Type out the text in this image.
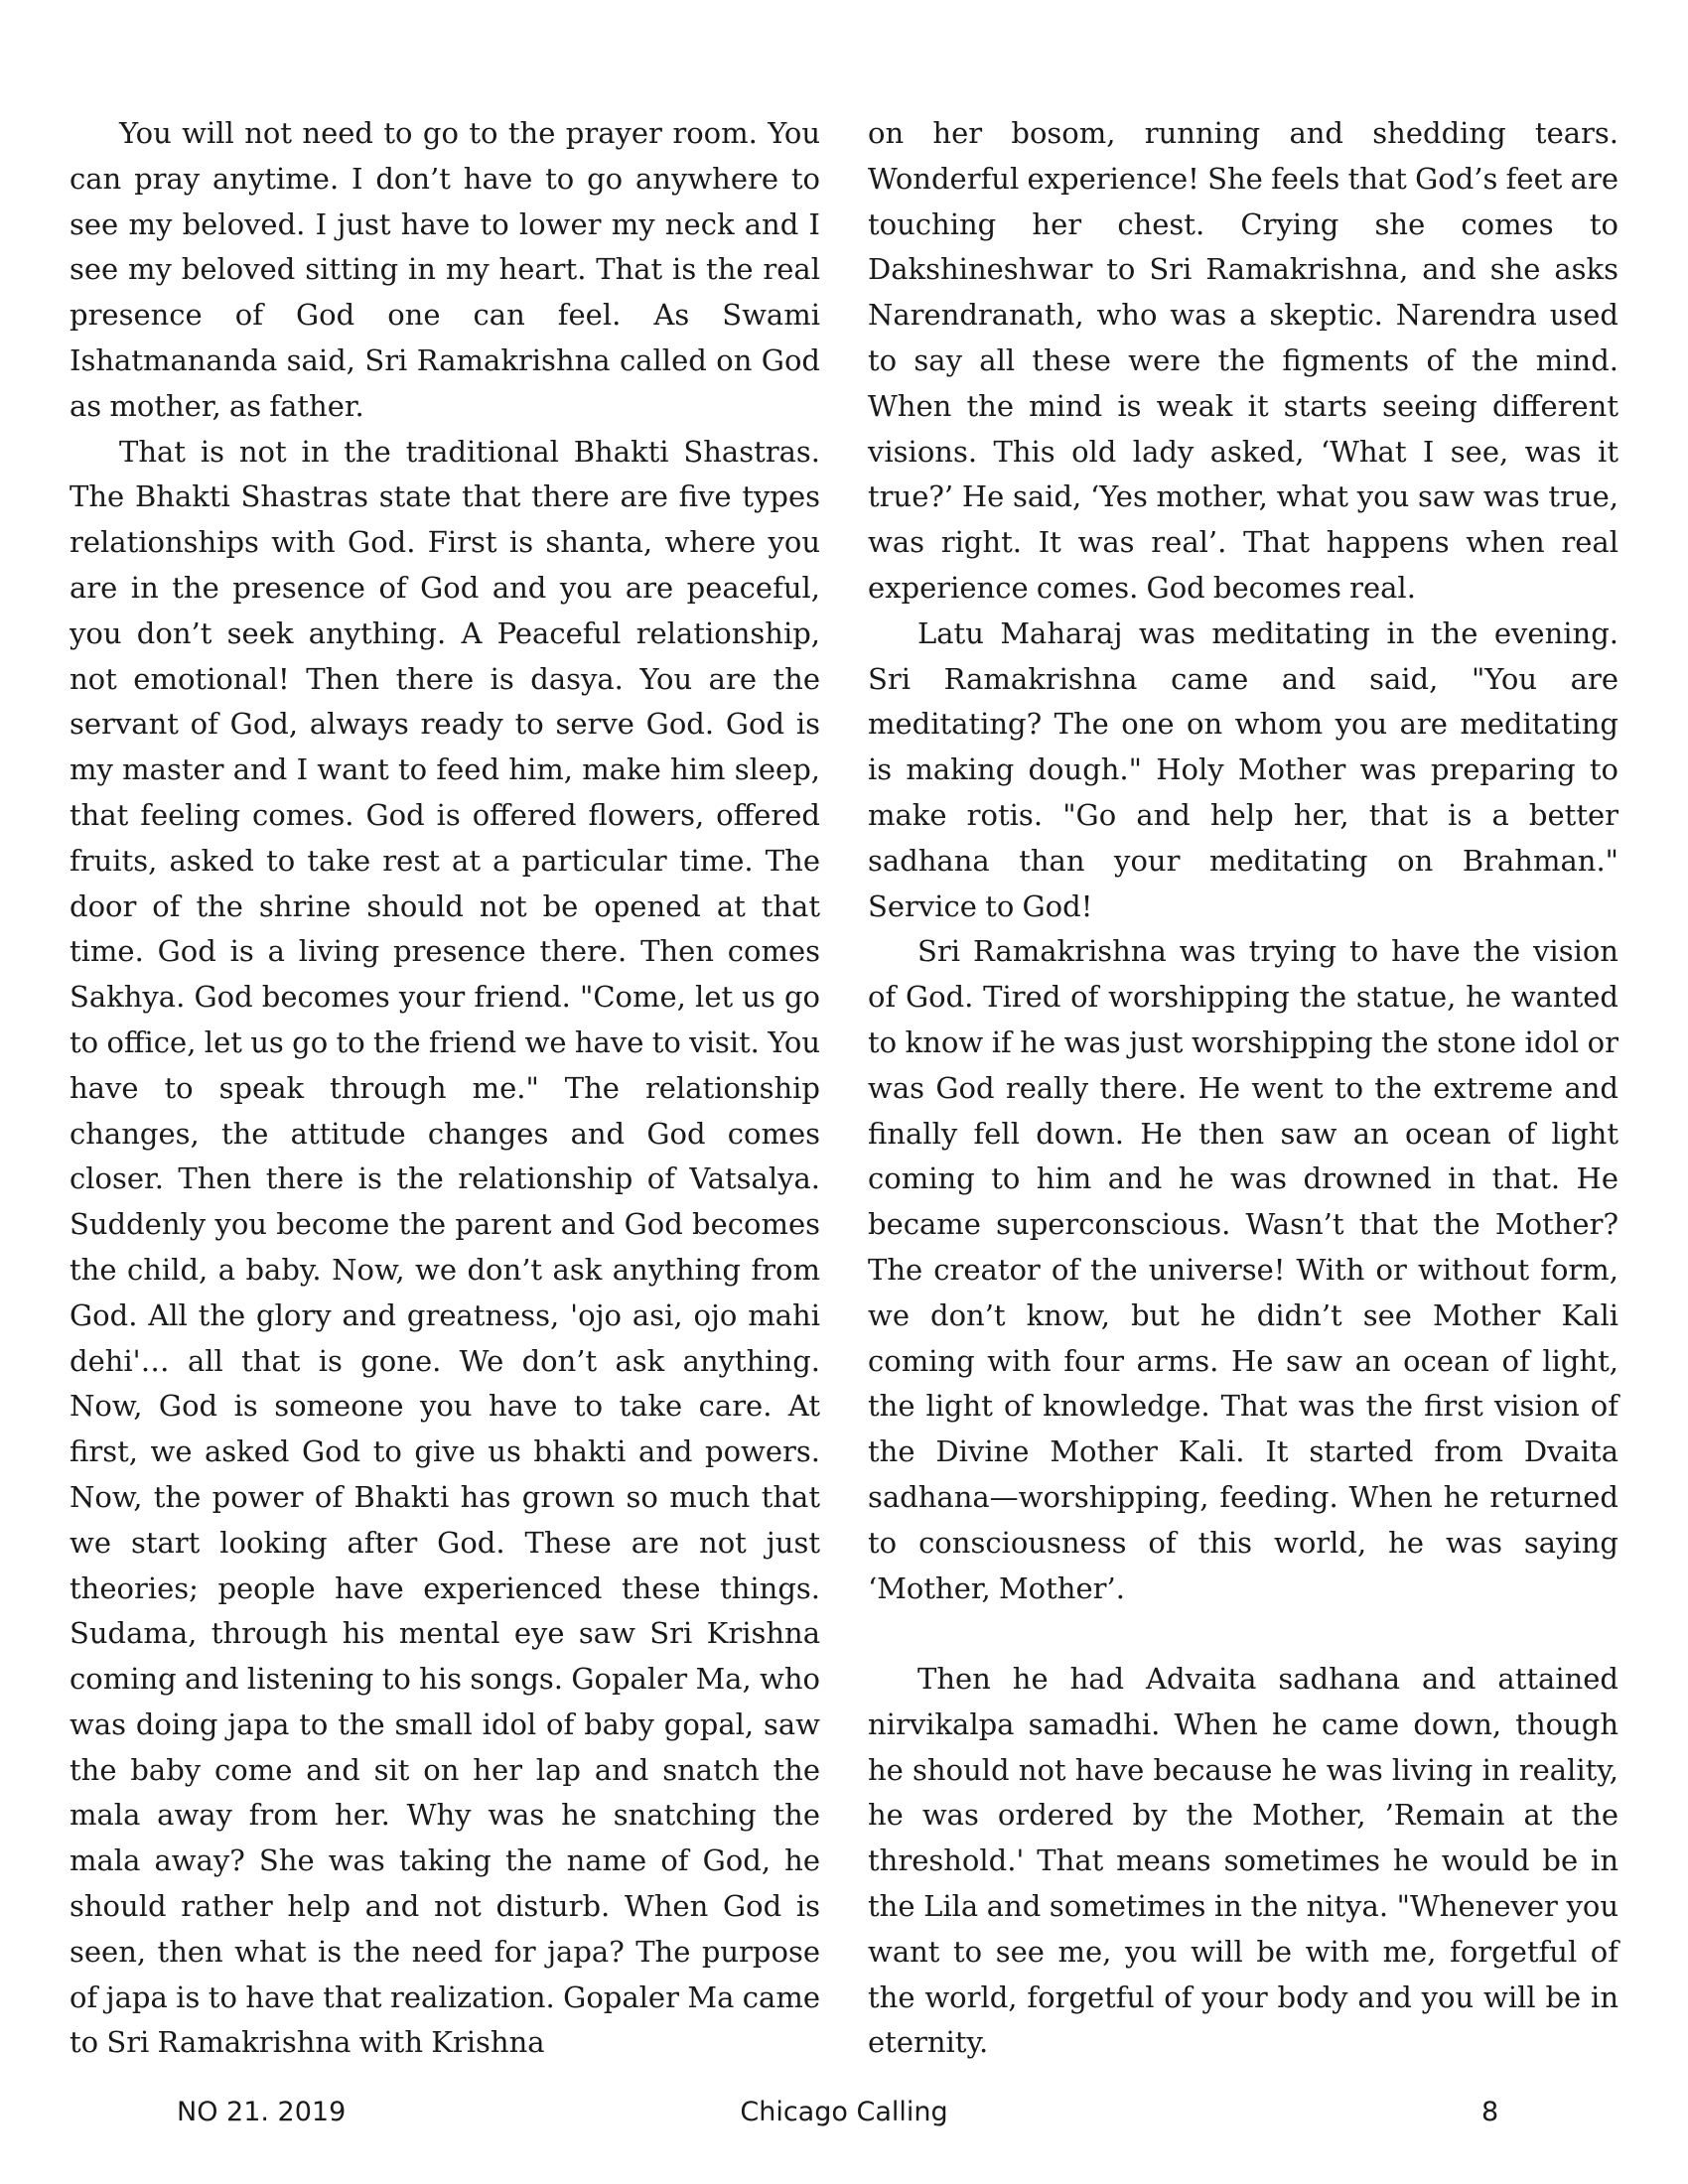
You will not need to go to the prayer room. You can pray anytime. I don’t have to go anywhere to see my beloved. I just have to lower my neck and I see my beloved sitting in my heart. That is the real presence of God one can feel. As Swami Ishatmananda said, Sri Ramakrishna called on God as mother, as father.

That is not in the traditional Bhakti Shastras. The Bhakti Shastras state that there are five types relationships with God. First is shanta, where you are in the presence of God and you are peaceful, you don’t seek anything. A Peaceful relationship, not emotional! Then there is dasya. You are the servant of God, always ready to serve God. God is my master and I want to feed him, make him sleep, that feeling comes. God is offered flowers, offered fruits, asked to take rest at a particular time. The door of the shrine should not be opened at that time. God is a living presence there. Then comes Sakhya. God becomes your friend. "Come, let us go to office, let us go to the friend we have to visit. You have to speak through me." The relationship changes, the attitude changes and God comes closer. Then there is the relationship of Vatsalya. Suddenly you become the parent and God becomes the child, a baby. Now, we don’t ask anything from God. All the glory and greatness, 'ojo asi, ojo mahi dehi'… all that is gone. We don’t ask anything. Now, God is someone you have to take care. At first, we asked God to give us bhakti and powers. Now, the power of Bhakti has grown so much that we start looking after God. These are not just theories; people have experienced these things. Sudama, through his mental eye saw Sri Krishna coming and listening to his songs. Gopaler Ma, who was doing japa to the small idol of baby gopal, saw the baby come and sit on her lap and snatch the mala away from her. Why was he snatching the mala away? She was taking the name of God, he should rather help and not disturb. When God is seen, then what is the need for japa? The purpose of japa is to have that realization. Gopaler Ma came to Sri Ramakrishna with Krishna

on her bosom, running and shedding tears. Wonderful experience! She feels that God’s feet are touching her chest. Crying she comes to Dakshineshwar to Sri Ramakrishna, and she asks Narendranath, who was a skeptic. Narendra used to say all these were the figments of the mind. When the mind is weak it starts seeing different visions. This old lady asked, ‘What I see, was it true?’ He said, ‘Yes mother, what you saw was true, was right. It was real’. That happens when real experience comes. God becomes real.

Latu Maharaj was meditating in the evening. Sri Ramakrishna came and said, "You are meditating? The one on whom you are meditating is making dough." Holy Mother was preparing to make rotis. "Go and help her, that is a better sadhana than your meditating on Brahman." Service to God!

Sri Ramakrishna was trying to have the vision of God. Tired of worshipping the statue, he wanted to know if he was just worshipping the stone idol or was God really there. He went to the extreme and finally fell down. He then saw an ocean of light coming to him and he was drowned in that. He became superconscious. Wasn’t that the Mother? The creator of the universe! With or without form, we don’t know, but he didn’t see Mother Kali coming with four arms. He saw an ocean of light, the light of knowledge. That was the first vision of the Divine Mother Kali. It started from Dvaita sadhana—worshipping, feeding. When he returned to consciousness of this world, he was saying ‘Mother, Mother’.

Then he had Advaita sadhana and attained nirvikalpa samadhi. When he came down, though he should not have because he was living in reality, he was ordered by the Mother, ’Remain at the threshold.' That means sometimes he would be in the Lila and sometimes in the nitya. "Whenever you want to see me, you will be with me, forgetful of the world, forgetful of your body and you will be in eternity.

NO 21. 2019	Chicago Calling	8
